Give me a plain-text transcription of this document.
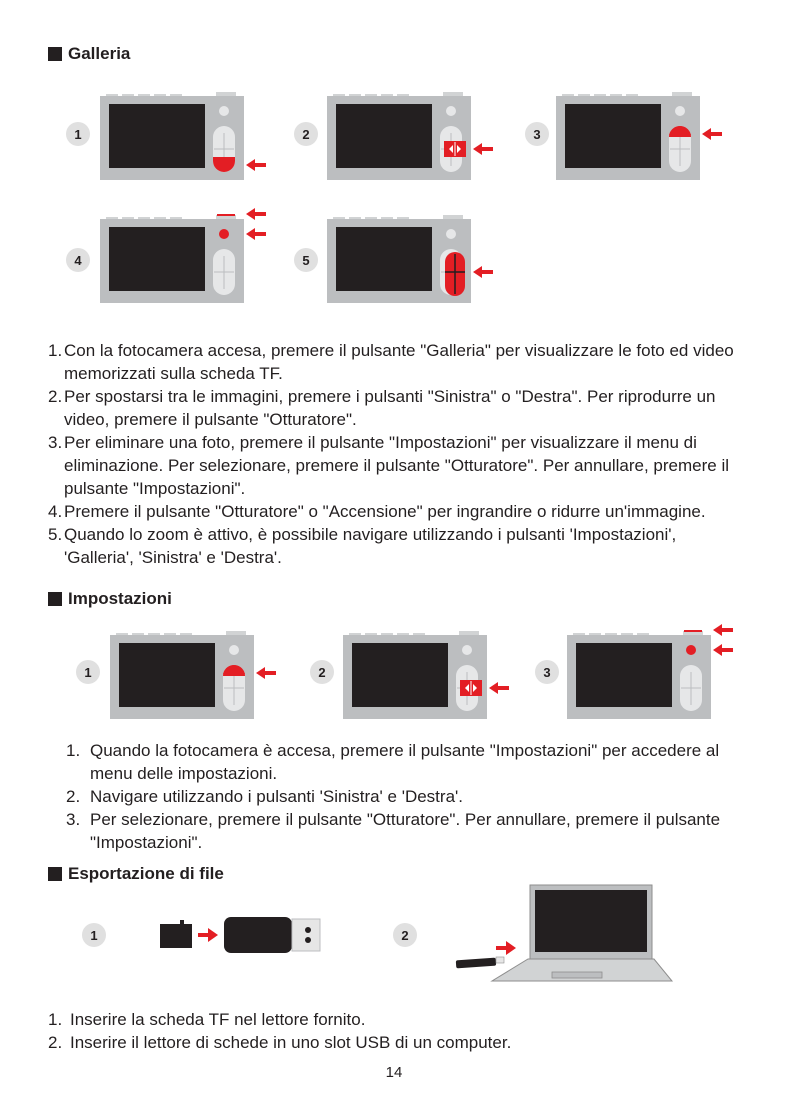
Galleria
1	2	3
4	5
1. Con la fotocamera accesa, premere il pulsante "Galleria" per visualizzare le foto ed video memorizzati sulla scheda TF.
2. Per spostarsi tra le immagini, premere i pulsanti "Sinistra" o "Destra". Per riprodurre un video, premere il pulsante "Otturatore".
3. Per eliminare una foto, premere il pulsante "Impostazioni" per visualizzare il menu di eliminazione. Per selezionare, premere il pulsante "Otturatore". Per annullare, premere il pulsante "Impostazioni".
4. Premere il pulsante "Otturatore" o "Accensione" per ingrandire o ridurre un'immagine.
5. Quando lo zoom è attivo, è possibile navigare utilizzando i pulsanti 'Impostazioni', 'Galleria', 'Sinistra' e 'Destra'.
Impostazioni
1	2	3
1. Quando la fotocamera è accesa, premere il pulsante "Impostazioni" per accedere al menu delle impostazioni.
2. Navigare utilizzando i pulsanti 'Sinistra' e 'Destra'.
3. Per selezionare, premere il pulsante "Otturatore". Per annullare, premere il pulsante "Impostazioni".
Esportazione di file
1	2
1. Inserire la scheda TF nel lettore fornito.
2. Inserire il lettore di schede in uno slot USB di un computer.
14
